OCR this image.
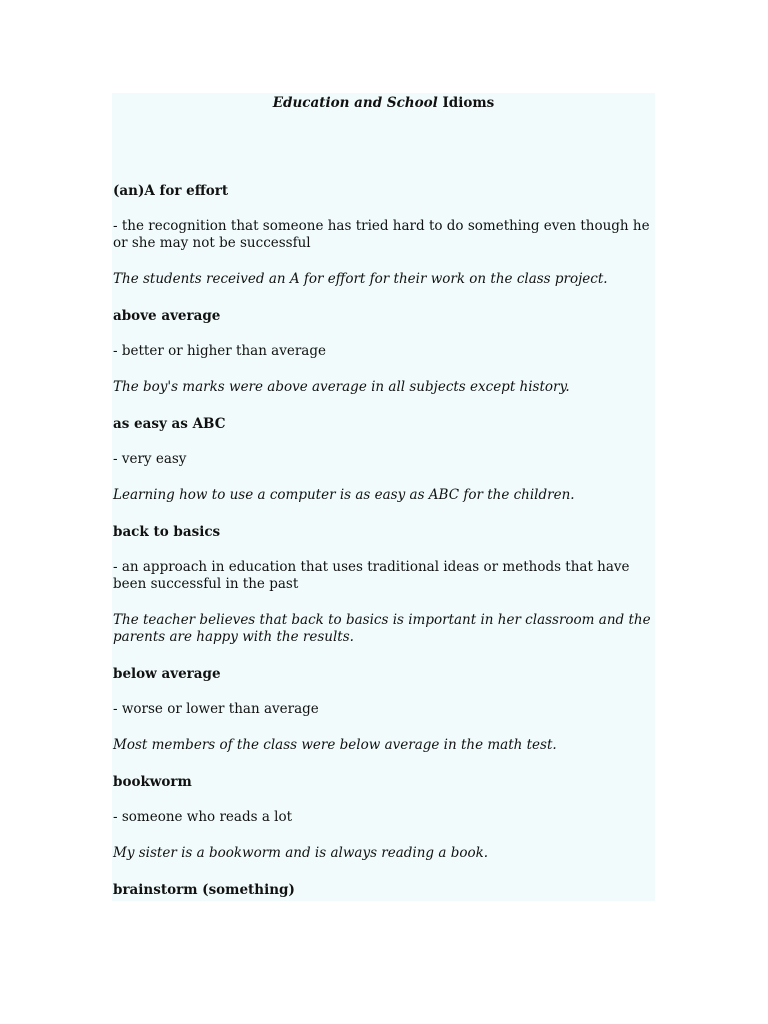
Education and School Idioms

(an)A for effort

- the recognition that someone has tried hard to do something even though he or she may not be successful

The students received an A for effort for their work on the class project.

above average

- better or higher than average

The boy's marks were above average in all subjects except history.

as easy as ABC

- very easy

Learning how to use a computer is as easy as ABC for the children.

back to basics

- an approach in education that uses traditional ideas or methods that have been successful in the past

The teacher believes that back to basics is important in her classroom and the parents are happy with the results.

below average

- worse or lower than average

Most members of the class were below average in the math test.

bookworm

- someone who reads a lot

My sister is a bookworm and is always reading a book.

brainstorm (something)
